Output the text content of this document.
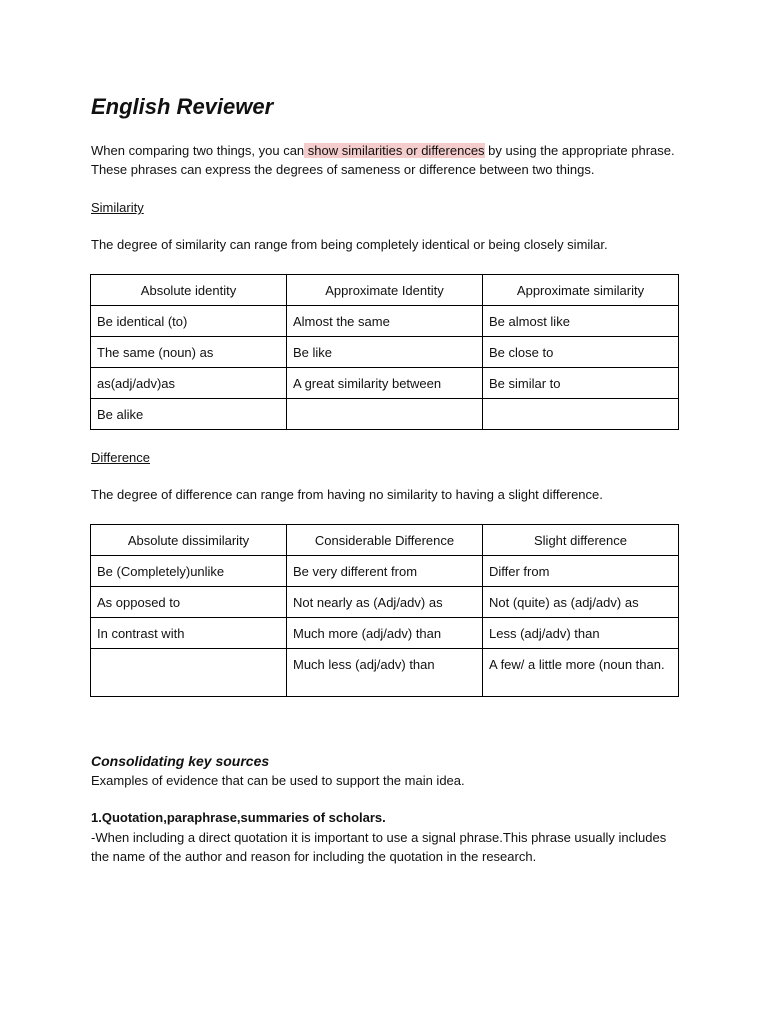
English Reviewer

When comparing two things, you can show similarities or differences by using the appropriate phrase. These phrases can express the degrees of sameness or difference between two things.

Similarity

The degree of similarity can range from being completely identical or being closely similar.

Absolute identity	Approximate Identity	Approximate similarity
Be identical (to)	Almost the same	Be almost like
The same (noun) as	Be like	Be close to
as(adj/adv)as	A great similarity between	Be similar to
Be alike		

Difference

The degree of difference can range from having no similarity to having a slight difference.

Absolute dissimilarity	Considerable Difference	Slight difference
Be (Completely)unlike	Be very different from	Differ from
As opposed to	Not nearly as (Adj/adv) as	Not (quite) as (adj/adv) as
In contrast with	Much more (adj/adv) than	Less (adj/adv) than
	Much less (adj/adv) than	A few/ a little more (noun than.

Consolidating key sources

Examples of evidence that can be used to support the main idea.

1.Quotation,paraphrase,summaries of scholars.

-When including a direct quotation it is important to use a signal phrase.This phrase usually includes the name of the author and reason for including the quotation in the research.
